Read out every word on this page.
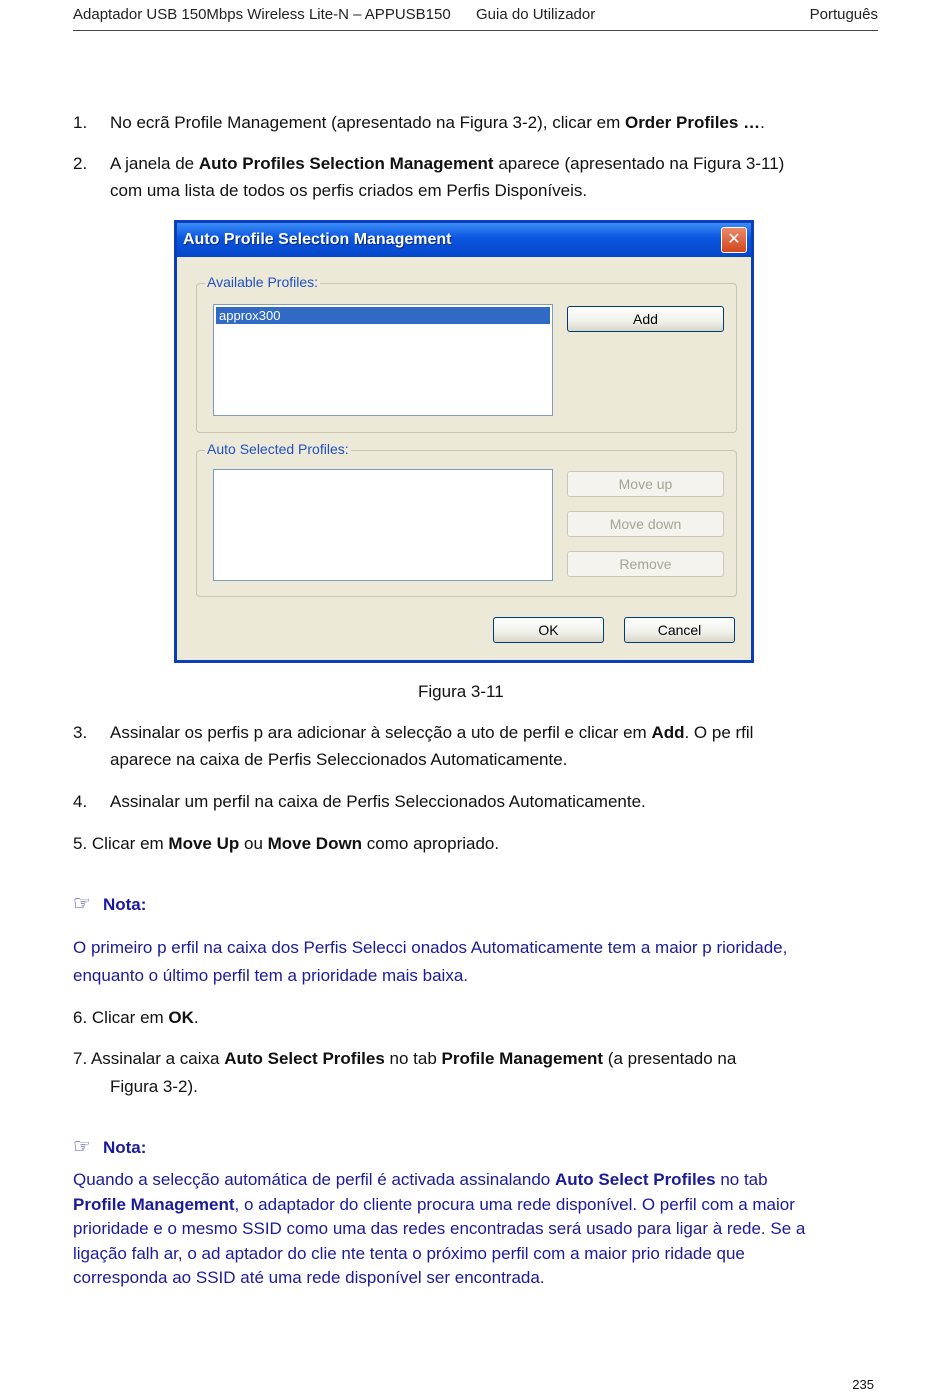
Adaptador USB 150Mbps Wireless Lite-N – APPUSB150 Guia do Utilizador	Português
1. No ecrã Profile Management (apresentado na Figura 3-2), clicar em Order Profiles ….
2. A janela de Auto Profiles Selection Management aparece (apresentado na Figura 3-11)
com uma lista de todos os perfis criados em Perfis Disponíveis.
Auto Profile Selection Management	✕
Available Profiles:
approx300	Add
Auto Selected Profiles:
Move up
Move down
Remove
OK	Cancel
Figura 3-11
3. Assinalar os perfis p ara adicionar à selecção a uto de perfil e clicar em Add. O pe rfil
aparece na caixa de Perfis Seleccionados Automaticamente.
4. Assinalar um perfil na caixa de Perfis Seleccionados Automaticamente.
5. Clicar em Move Up ou Move Down como apropriado.
☞ Nota:
O primeiro p erfil na caixa dos Perfis Selecci onados Automaticamente tem a maior p rioridade,
enquanto o último perfil tem a prioridade mais baixa.
6. Clicar em OK.
7. Assinalar a caixa Auto Select Profiles no tab Profile Management (a presentado na
Figura 3-2).
☞ Nota:
Quando a selecção automática de perfil é activada assinalando Auto Select Profiles no tab
Profile Management, o adaptador do cliente procura uma rede disponível. O perfil com a maior
prioridade e o mesmo SSID como uma das redes encontradas será usado para ligar à rede. Se a
ligação falh ar, o ad aptador do clie nte tenta o próximo perfil com a maior prio ridade que
corresponda ao SSID até uma rede disponível ser encontrada.
235
